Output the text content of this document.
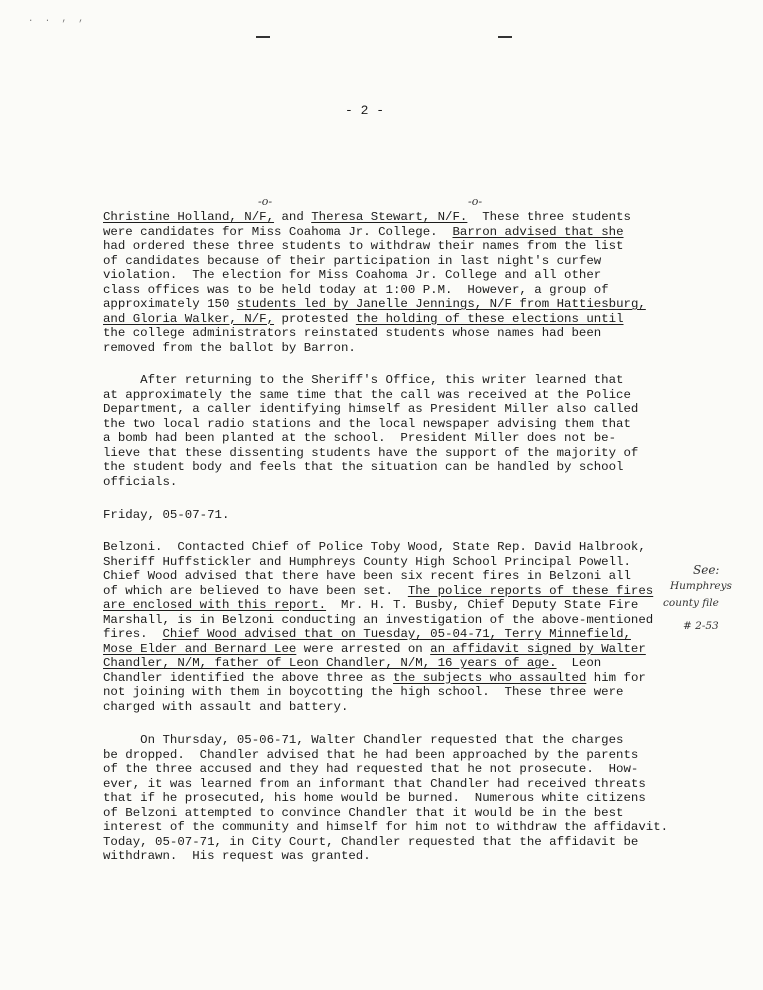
. . , ,
- 2 -
-o-	-o-
Christine Holland, N/F, and Theresa Stewart, N/F.  These three students
were candidates for Miss Coahoma Jr. College.  Barron advised that she
had ordered these three students to withdraw their names from the list
of candidates because of their participation in last night's curfew
violation.  The election for Miss Coahoma Jr. College and all other
class offices was to be held today at 1:00 P.M.  However, a group of
approximately 150 students led by Janelle Jennings, N/F from Hattiesburg,
and Gloria Walker, N/F, protested the holding of these elections until
the college administrators reinstated students whose names had been
removed from the ballot by Barron.
After returning to the Sheriff's Office, this writer learned that
at approximately the same time that the call was received at the Police
Department, a caller identifying himself as President Miller also called
the two local radio stations and the local newspaper advising them that
a bomb had been planted at the school.  President Miller does not be-
lieve that these dissenting students have the support of the majority of
the student body and feels that the situation can be handled by school
officials.
Friday, 05-07-71.
Belzoni.  Contacted Chief of Police Toby Wood, State Rep. David Halbrook,
Sheriff Huffstickler and Humphreys County High School Principal Powell.
Chief Wood advised that there have been six recent fires in Belzoni all
of which are believed to have been set.  The police reports of these fires
are enclosed with this report.  Mr. H. T. Busby, Chief Deputy State Fire
Marshall, is in Belzoni conducting an investigation of the above-mentioned
fires.  Chief Wood advised that on Tuesday, 05-04-71, Terry Minnefield,
Mose Elder and Bernard Lee were arrested on an affidavit signed by Walter
Chandler, N/M, father of Leon Chandler, N/M, 16 years of age.  Leon
Chandler identified the above three as the subjects who assaulted him for
not joining with them in boycotting the high school.  These three were
charged with assault and battery.
On Thursday, 05-06-71, Walter Chandler requested that the charges
be dropped.  Chandler advised that he had been approached by the parents
of the three accused and they had requested that he not prosecute.  How-
ever, it was learned from an informant that Chandler had received threats
that if he prosecuted, his home would be burned.  Numerous white citizens
of Belzoni attempted to convince Chandler that it would be in the best
interest of the community and himself for him not to withdraw the affidavit.
Today, 05-07-71, in City Court, Chandler requested that the affidavit be
withdrawn.  His request was granted.
See:
Humphreys
county file
# 2-53
